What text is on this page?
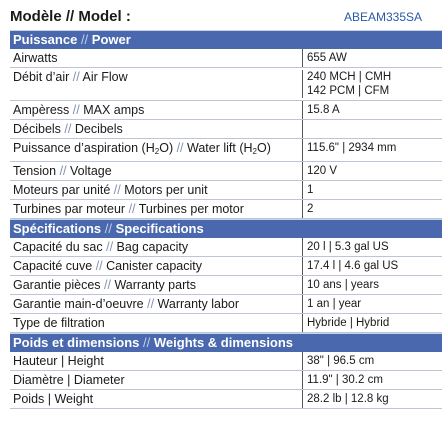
Modèle // Model :	ABEAM335SA
Puissance // Power
Airwatts	655 AW
Débit d’air // Air Flow	240 MCH | CMH
142 PCM | CFM
Ampèress // MAX amps	15.8 A
Décibels // Decibels
Puissance d’aspiration $(H_2O)$ // Water lift $(H_2O)$	115.6" | 2934 mm
Tension // Voltage	120 V
Moteurs par unité // Motors per unit	1
Turbines par moteur // Turbines per motor	2
Spécifications // Specifications
Capacité du sac // Bag capacity	20 l | 5.3 gal US
Capacité cuve // Canister capacity	17.4 l | 4.6 gal US
Garantie pièces // Warranty parts	10 ans | years
Garantie main-d’oeuvre // Warranty labor	1 an | year
Type de filtration	Hybride | Hybrid
Poids et dimensions // Weights & dimensions
Hauteur | Height	38" | 96.5 cm
Diamètre | Diameter	11.9" | 30.2 cm
Poids | Weight	28.2 lb | 12.8 kg
